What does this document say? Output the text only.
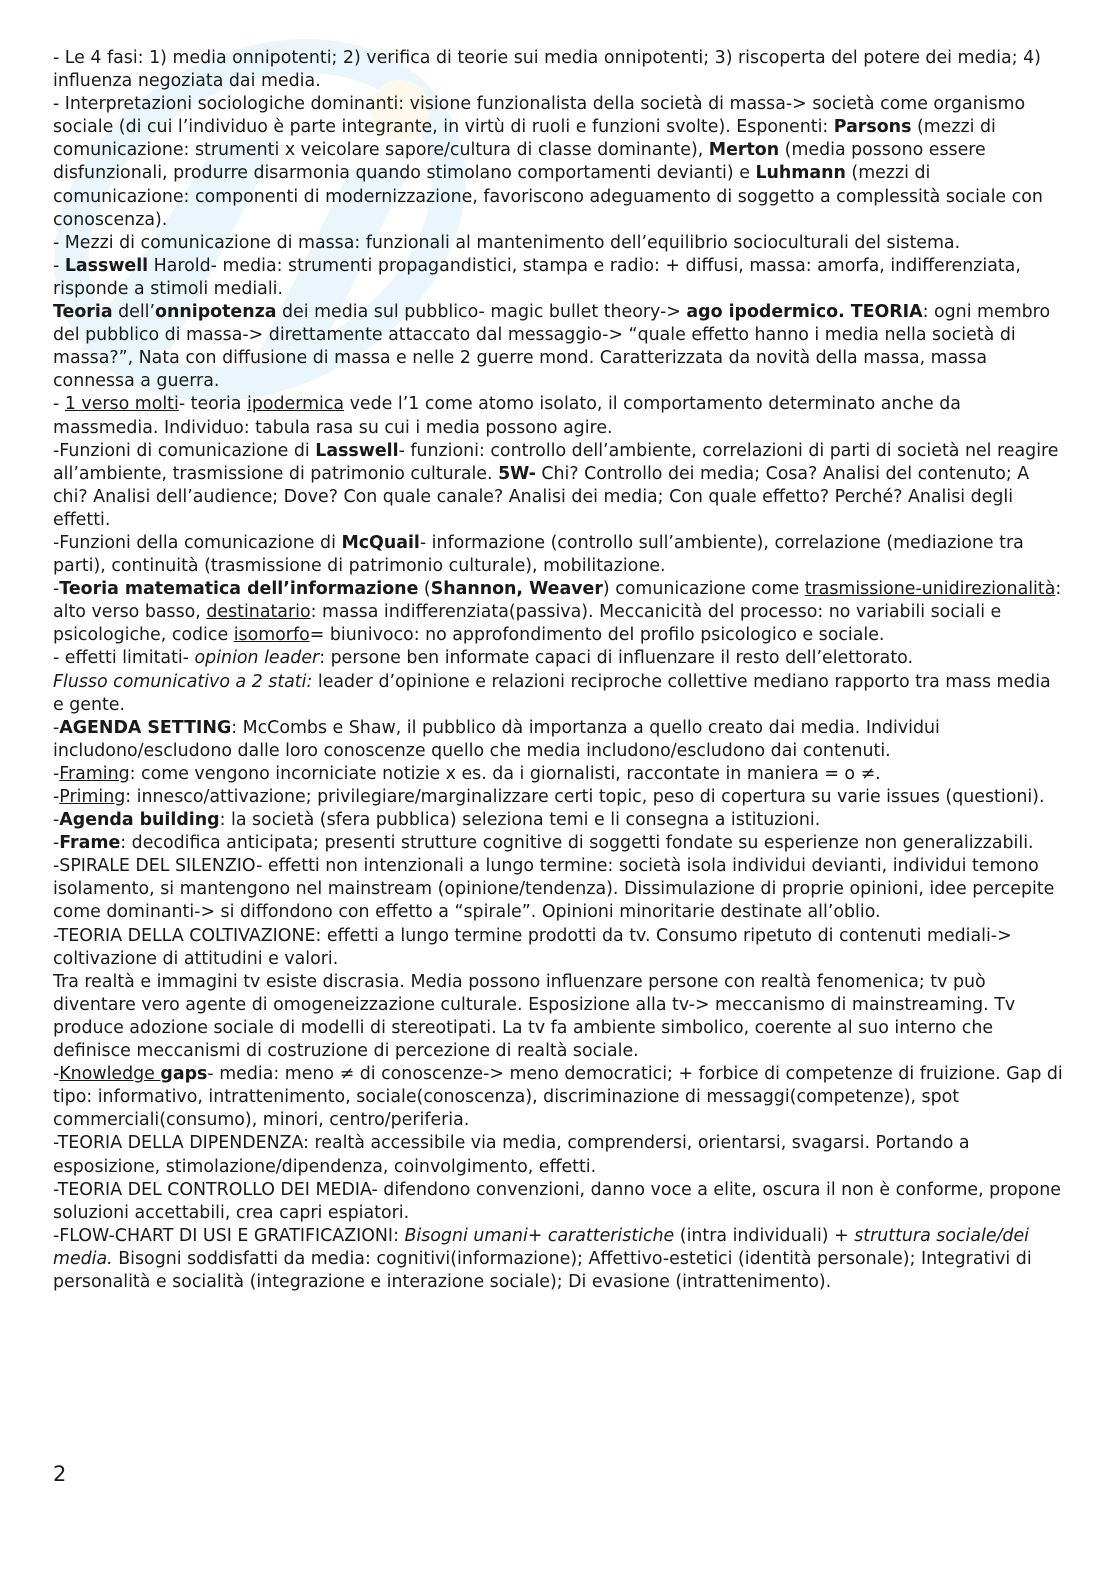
- Le 4 fasi: 1) media onnipotenti; 2) verifica di teorie sui media onnipotenti; 3) riscoperta del potere dei media; 4) influenza negoziata dai media.

- Interpretazioni sociologiche dominanti: visione funzionalista della società di massa-> società come organismo sociale (di cui l’individuo è parte integrante, in virtù di ruoli e funzioni svolte). Esponenti: Parsons (mezzi di comunicazione: strumenti x veicolare sapore/cultura di classe dominante), Merton (media possono essere disfunzionali, produrre disarmonia quando stimolano comportamenti devianti) e Luhmann (mezzi di comunicazione: componenti di modernizzazione, favoriscono adeguamento di soggetto a complessità sociale con conoscenza).

- Mezzi di comunicazione di massa: funzionali al mantenimento dell’equilibrio socioculturali del sistema.

- Lasswell Harold- media: strumenti propagandistici, stampa e radio: + diffusi, massa: amorfa, indifferenziata, risponde a stimoli mediali.

Teoria dell’onnipotenza dei media sul pubblico- magic bullet theory-> ago ipodermico. TEORIA: ogni membro del pubblico di massa-> direttamente attaccato dal messaggio-> “quale effetto hanno i media nella società di massa?”, Nata con diffusione di massa e nelle 2 guerre mond. Caratterizzata da novità della massa, massa connessa a guerra.

- 1 verso molti- teoria ipodermica vede l’1 come atomo isolato, il comportamento determinato anche da massmedia. Individuo: tabula rasa su cui i media possono agire.

-Funzioni di comunicazione di Lasswell- funzioni: controllo dell’ambiente, correlazioni di parti di società nel reagire all’ambiente, trasmissione di patrimonio culturale. 5W- Chi? Controllo dei media; Cosa? Analisi del contenuto; A chi? Analisi dell’audience; Dove? Con quale canale? Analisi dei media; Con quale effetto? Perché? Analisi degli effetti.

-Funzioni della comunicazione di McQuail- informazione (controllo sull’ambiente), correlazione (mediazione tra parti), continuità (trasmissione di patrimonio culturale), mobilitazione.

-Teoria matematica dell’informazione (Shannon, Weaver) comunicazione come trasmissione-unidirezionalità: alto verso basso, destinatario: massa indifferenziata(passiva). Meccanicità del processo: no variabili sociali e psicologiche, codice isomorfo= biunivoco: no approfondimento del profilo psicologico e sociale.

- effetti limitati- opinion leader: persone ben informate capaci di influenzare il resto dell’elettorato.

Flusso comunicativo a 2 stati: leader d’opinione e relazioni reciproche collettive mediano rapporto tra mass media e gente.

-AGENDA SETTING: McCombs e Shaw, il pubblico dà importanza a quello creato dai media. Individui includono/escludono dalle loro conoscenze quello che media includono/escludono dai contenuti.

-Framing: come vengono incorniciate notizie x es. da i giornalisti, raccontate in maniera = o ≠.

-Priming: innesco/attivazione; privilegiare/marginalizzare certi topic, peso di copertura su varie issues (questioni).

-Agenda building: la società (sfera pubblica) seleziona temi e li consegna a istituzioni.

-Frame: decodifica anticipata; presenti strutture cognitive di soggetti fondate su esperienze non generalizzabili.

-SPIRALE DEL SILENZIO- effetti non intenzionali a lungo termine: società isola individui devianti, individui temono isolamento, si mantengono nel mainstream (opinione/tendenza). Dissimulazione di proprie opinioni, idee percepite come dominanti-> si diffondono con effetto a “spirale”. Opinioni minoritarie destinate all’oblio.

-TEORIA DELLA COLTIVAZIONE: effetti a lungo termine prodotti da tv. Consumo ripetuto di contenuti mediali-> coltivazione di attitudini e valori.

Tra realtà e immagini tv esiste discrasia. Media possono influenzare persone con realtà fenomenica; tv può diventare vero agente di omogeneizzazione culturale. Esposizione alla tv-> meccanismo di mainstreaming. Tv produce adozione sociale di modelli di stereotipati. La tv fa ambiente simbolico, coerente al suo interno che definisce meccanismi di costruzione di percezione di realtà sociale.

-Knowledge gaps- media: meno ≠ di conoscenze-> meno democratici; + forbice di competenze di fruizione. Gap di tipo: informativo, intrattenimento, sociale(conoscenza), discriminazione di messaggi(competenze), spot commerciali(consumo), minori, centro/periferia.

-TEORIA DELLA DIPENDENZA: realtà accessibile via media, comprendersi, orientarsi, svagarsi. Portando a esposizione, stimolazione/dipendenza, coinvolgimento, effetti.

-TEORIA DEL CONTROLLO DEI MEDIA- difendono convenzioni, danno voce a elite, oscura il non è conforme, propone soluzioni accettabili, crea capri espiatori.

-FLOW-CHART DI USI E GRATIFICAZIONI: Bisogni umani+ caratteristiche (intra individuali) + struttura sociale/dei media. Bisogni soddisfatti da media: cognitivi(informazione); Affettivo-estetici (identità personale); Integrativi di personalità e socialità (integrazione e interazione sociale); Di evasione (intrattenimento).

2
